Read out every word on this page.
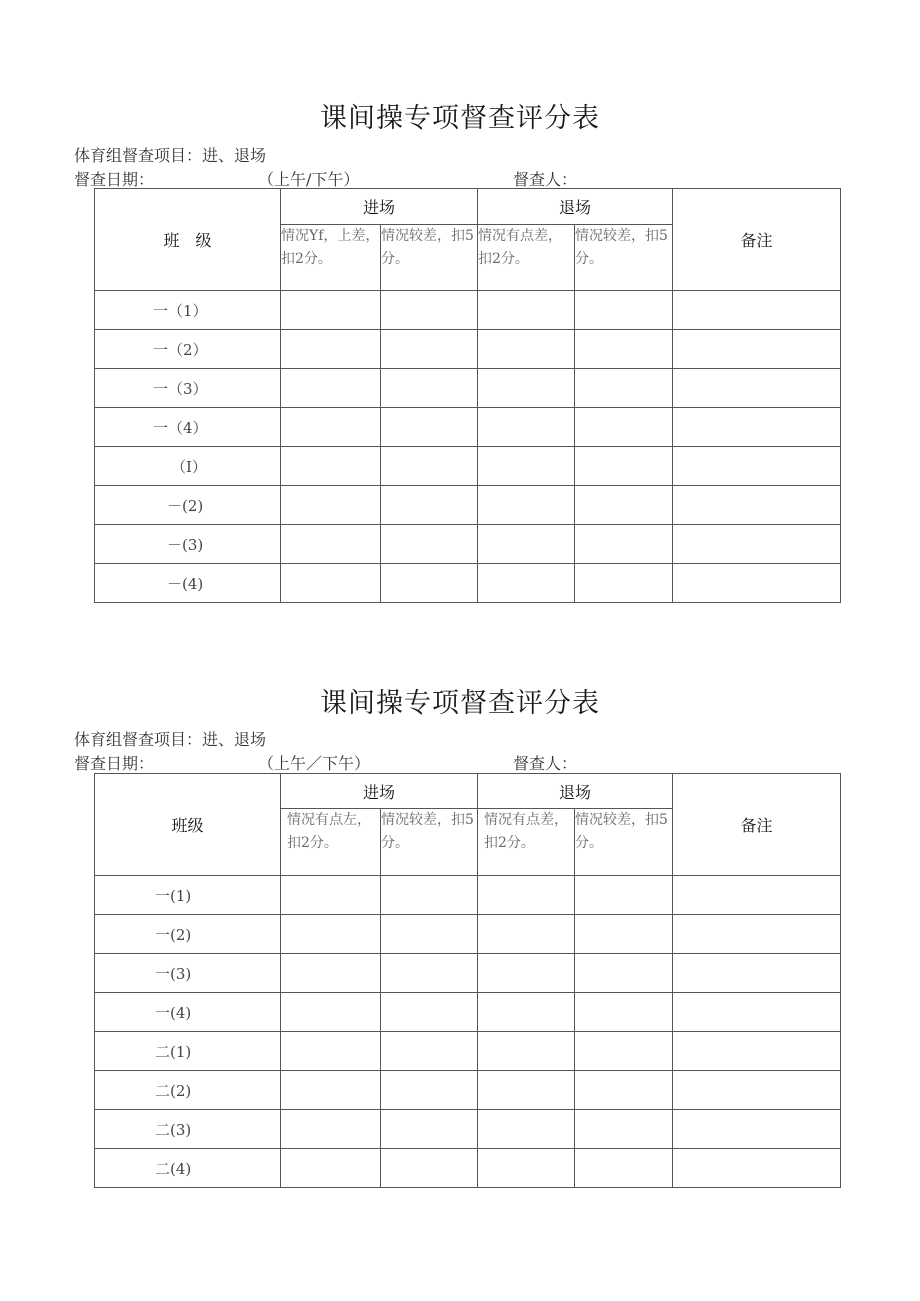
课间操专项督查评分表
体育组督查项目：进、退场
督查日期：	（上午/下午）	督查人：
班　级	进场		退场		备注
	情况Yf，上差，扣2分。	情况较差，扣5分。	情况有点差，扣2分。	情况较差，扣5分。	
一（1）					
一（2）					
一（3）					
一（4）					
（I）					
－(2)					
－(3)					
－(4)					
课间操专项督查评分表
体育组督查项目：进、退场
督查日期：	（上午／下午）	督查人：
班级	进场		退场		备注
	情况有点左，扣2分。	情况较差，扣5分。	情况有点差，扣2分。	情况较差，扣5分。	
一(1)					
一(2)					
一(3)					
一(4)					
二(1)					
二(2)					
二(3)					
二(4)					
